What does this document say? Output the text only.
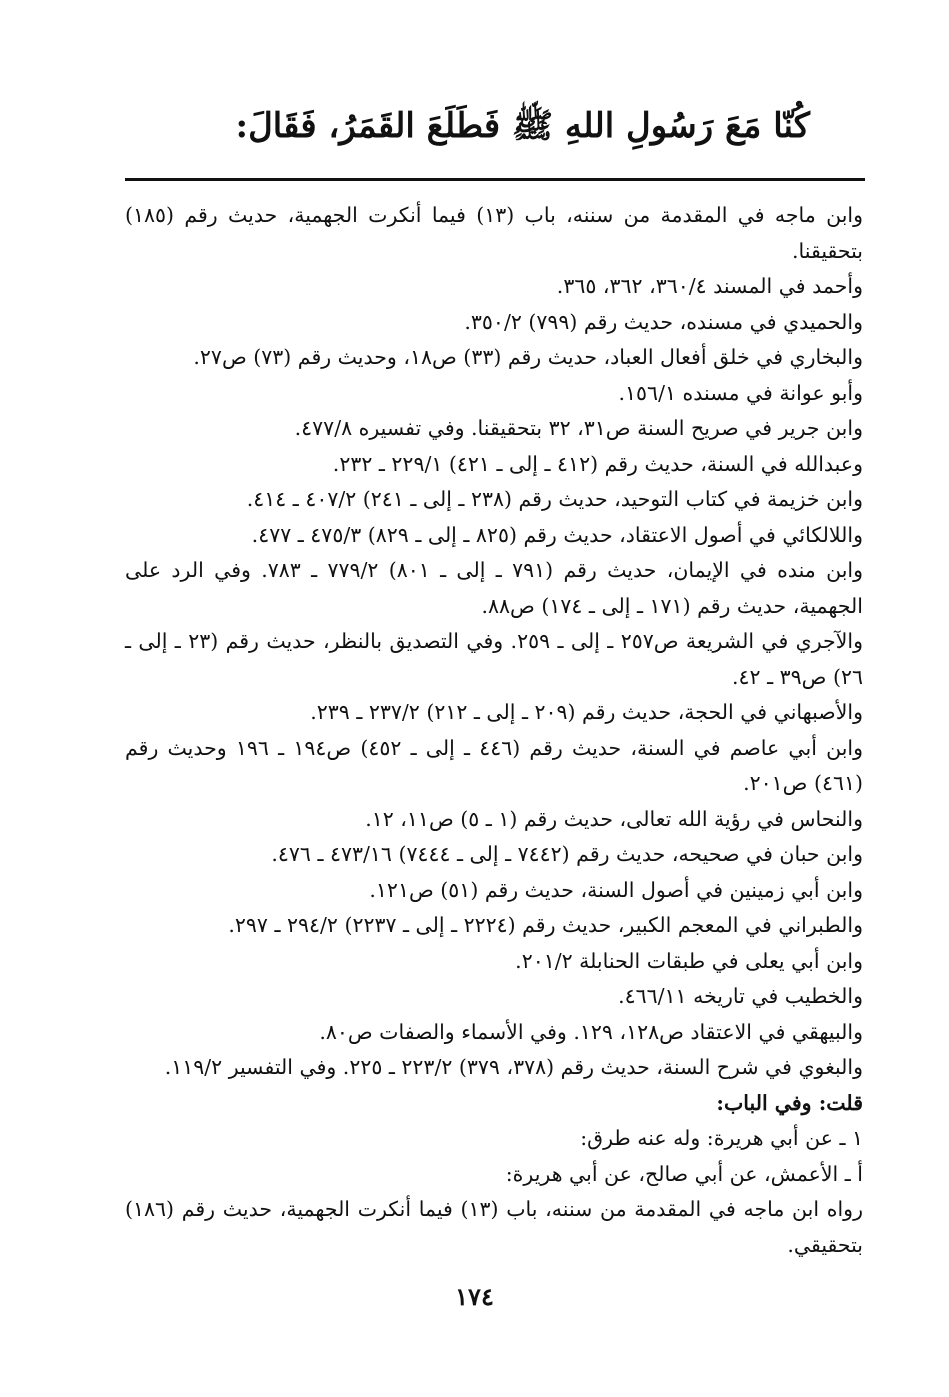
كُنّا مَعَ رَسُولِ اللهِ ﷺ فَطَلَعَ القَمَرُ، فَقَالَ:

وابن ماجه في المقدمة من سننه، باب (١٣) فيما أنكرت الجهمية، حديث رقم (١٨٥) بتحقيقنا.

وأحمد في المسند ٣٦٠/٤، ٣٦٢، ٣٦٥.

والحميدي في مسنده، حديث رقم (٧٩٩) ٣٥٠/٢.

والبخاري في خلق أفعال العباد، حديث رقم (٣٣) ص١٨، وحديث رقم (٧٣) ص٢٧.

وأبو عوانة في مسنده ١٥٦/١.

وابن جرير في صريح السنة ص٣١، ٣٢ بتحقيقنا. وفي تفسيره ٤٧٧/٨.

وعبدالله في السنة، حديث رقم (٤١٢ ـ إلى ـ ٤٢١) ٢٢٩/١ ـ ٢٣٢.

وابن خزيمة في كتاب التوحيد، حديث رقم (٢٣٨ ـ إلى ـ ٢٤١) ٤٠٧/٢ ـ ٤١٤.

واللالكائي في أصول الاعتقاد، حديث رقم (٨٢٥ ـ إلى ـ ٨٢٩) ٤٧٥/٣ ـ ٤٧٧.

وابن منده في الإيمان، حديث رقم (٧٩١ ـ إلى ـ ٨٠١) ٧٧٩/٢ ـ ٧٨٣. وفي الرد على الجهمية، حديث رقم (١٧١ ـ إلى ـ ١٧٤) ص٨٨.

والآجري في الشريعة ص٢٥٧ ـ إلى ـ ٢٥٩. وفي التصديق بالنظر، حديث رقم (٢٣ ـ إلى ـ ٢٦) ص٣٩ ـ ٤٢.

والأصبهاني في الحجة، حديث رقم (٢٠٩ ـ إلى ـ ٢١٢) ٢٣٧/٢ ـ ٢٣٩.

وابن أبي عاصم في السنة، حديث رقم (٤٤٦ ـ إلى ـ ٤٥٢) ص١٩٤ ـ ١٩٦ وحديث رقم (٤٦١) ص٢٠١.

والنحاس في رؤية الله تعالى، حديث رقم (١ ـ ٥) ص١١، ١٢.

وابن حبان في صحيحه، حديث رقم (٧٤٤٢ ـ إلى ـ ٧٤٤٤) ٤٧٣/١٦ ـ ٤٧٦.

وابن أبي زمينين في أصول السنة، حديث رقم (٥١) ص١٢١.

والطبراني في المعجم الكبير، حديث رقم (٢٢٢٤ ـ إلى ـ ٢٢٣٧) ٢٩٤/٢ ـ ٢٩٧.

وابن أبي يعلى في طبقات الحنابلة ٢٠١/٢.

والخطيب في تاريخه ٤٦٦/١١.

والبيهقي في الاعتقاد ص١٢٨، ١٢٩. وفي الأسماء والصفات ص٨٠.

والبغوي في شرح السنة، حديث رقم (٣٧٨، ٣٧٩) ٢٢٣/٢ ـ ٢٢٥. وفي التفسير ١١٩/٢.

قلت: وفي الباب:

١ ـ عن أبي هريرة: وله عنه طرق:

أ ـ الأعمش، عن أبي صالح، عن أبي هريرة:

رواه ابن ماجه في المقدمة من سننه، باب (١٣) فيما أنكرت الجهمية، حديث رقم (١٨٦) بتحقيقي.

١٧٤
